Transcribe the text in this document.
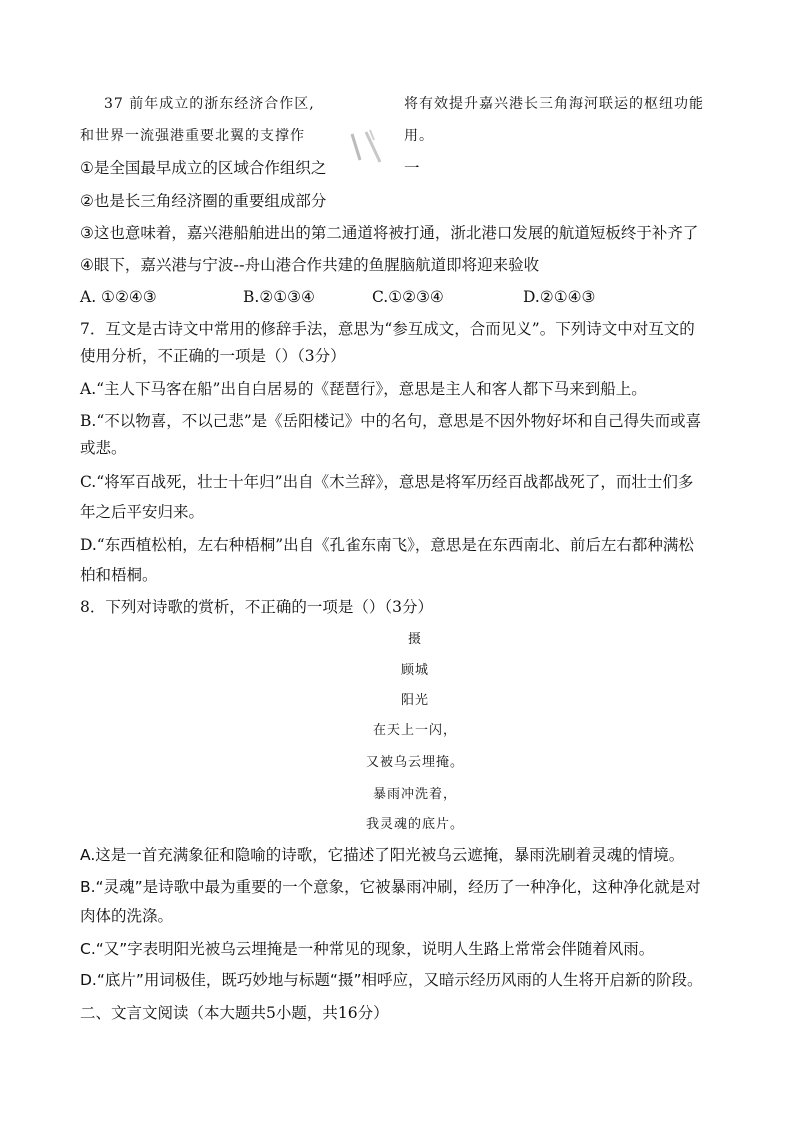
37 前年成立的浙东经济合作区,	将有效提升嘉兴港长三角海河联运的枢纽功能
和世界一流强港重要北翼的支撑作	用。
①是全国最早成立的区域合作组织之	一
②也是长三角经济圈的重要组成部分
③这也意味着，嘉兴港船舶进出的第二通道将被打通，浙北港口发展的航道短板终于补齐了
④眼下，嘉兴港与宁波--舟山港合作共建的鱼腥脑航道即将迎来验收
A. ①②④③	B.②①③④	C.①②③④	D.②①④③
7．互文是古诗文中常用的修辞手法，意思为“参互成文，合而见义”。下列诗文中对互文的
使用分析，不正确的一项是（）（3分）
A.“主人下马客在船”出自白居易的《琵琶行》，意思是主人和客人都下马来到船上。
B.“不以物喜，不以己悲”是《岳阳楼记》中的名句，意思是不因外物好坏和自己得失而或喜
或悲。
C.“将军百战死，壮士十年归”出自《木兰辞》，意思是将军历经百战都战死了，而壮士们多
年之后平安归来。
D.“东西植松柏，左右种梧桐”出自《孔雀东南飞》，意思是在东西南北、前后左右都种满松
柏和梧桐。
8．下列对诗歌的赏析，不正确的一项是（）（3分）
摄
顾城
阳光
在天上一闪，
又被乌云埋掩。
暴雨冲洗着，
我灵魂的底片。
A.这是一首充满象征和隐喻的诗歌，它描述了阳光被乌云遮掩，暴雨洗刷着灵魂的情境。
B.“灵魂”是诗歌中最为重要的一个意象，它被暴雨冲刷，经历了一种净化，这种净化就是对
肉体的洗涤。
C.“又”字表明阳光被乌云埋掩是一种常见的现象，说明人生路上常常会伴随着风雨。
D.“底片”用词极佳，既巧妙地与标题“摄”相呼应，又暗示经历风雨的人生将开启新的阶段。
二、文言文阅读（本大题共5小题，共16分）
